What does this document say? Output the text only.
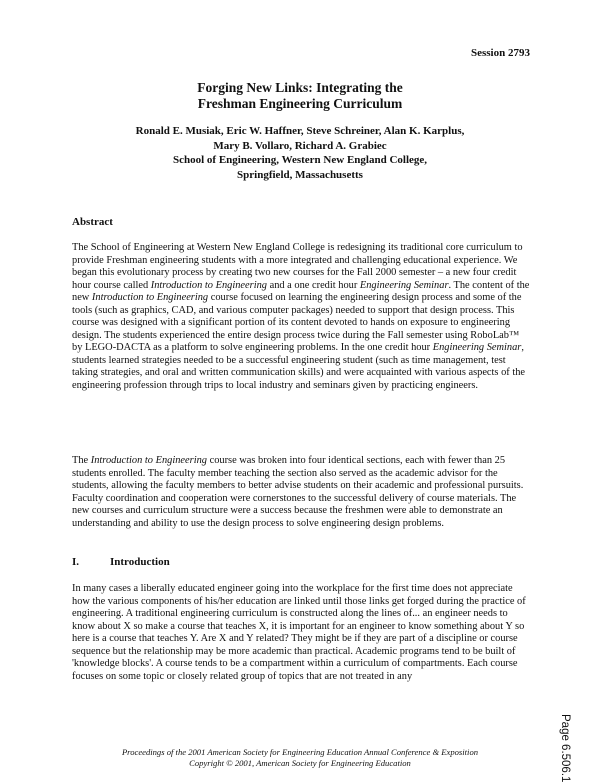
Session 2793
Forging New Links: Integrating the
Freshman Engineering Curriculum
Ronald E. Musiak, Eric W. Haffner, Steve Schreiner, Alan K. Karplus,
Mary B. Vollaro, Richard A. Grabiec
School of Engineering, Western New England College,
Springfield, Massachusetts
Abstract
The School of Engineering at Western New England College is redesigning its traditional core curriculum to provide Freshman engineering students with a more integrated and challenging educational experience. We began this evolutionary process by creating two new courses for the Fall 2000 semester – a new four credit hour course called Introduction to Engineering and a one credit hour Engineering Seminar. The content of the new Introduction to Engineering course focused on learning the engineering design process and some of the tools (such as graphics, CAD, and various computer packages) needed to support that design process. This course was designed with a significant portion of its content devoted to hands on exposure to engineering design. The students experienced the entire design process twice during the Fall semester using RoboLab™ by LEGO-DACTA as a platform to solve engineering problems. In the one credit hour Engineering Seminar, students learned strategies needed to be a successful engineering student (such as time management, test taking strategies, and oral and written communication skills) and were acquainted with various aspects of the engineering profession through trips to local industry and seminars given by practicing engineers.
The Introduction to Engineering course was broken into four identical sections, each with fewer than 25 students enrolled. The faculty member teaching the section also served as the academic advisor for the students, allowing the faculty members to better advise students on their academic and professional pursuits. Faculty coordination and cooperation were cornerstones to the successful delivery of course materials. The new courses and curriculum structure were a success because the freshmen were able to demonstrate an understanding and ability to use the design process to solve engineering design problems.
I.	Introduction
In many cases a liberally educated engineer going into the workplace for the first time does not appreciate how the various components of his/her education are linked until those links get forged during the practice of engineering. A traditional engineering curriculum is constructed along the lines of... an engineer needs to know about X so make a course that teaches X, it is important for an engineer to know something about Y so here is a course that teaches Y. Are X and Y related? They might be if they are part of a discipline or course sequence but the relationship may be more academic than practical. Academic programs tend to be built of 'knowledge blocks'. A course tends to be a compartment within a curriculum of compartments. Each course focuses on some topic or closely related group of topics that are not treated in any
Proceedings of the 2001 American Society for Engineering Education Annual Conference & Exposition
Copyright © 2001, American Society for Engineering Education	Page 6.506.1
